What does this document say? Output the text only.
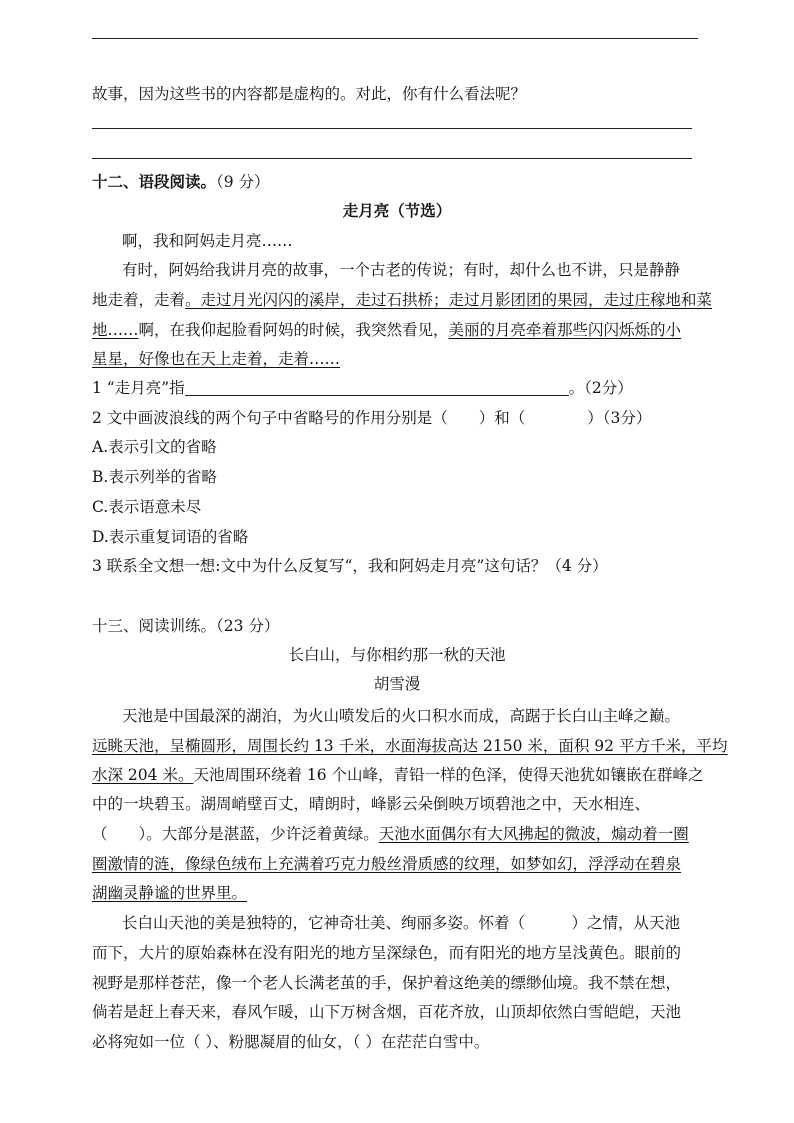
故事，因为这些书的内容都是虚构的。对此，你有什么看法呢？
十二、语段阅读。（9 分）
走月亮（节选）
啊，我和阿妈走月亮……
有时，阿妈给我讲月亮的故事，一个古老的传说；有时，却什么也不讲，只是静静
地走着，走着。走过月光闪闪的溪岸，走过石拱桥；走过月影团团的果园，走过庄稼地和菜
地……啊，在我仰起脸看阿妈的时候，我突然看见，美丽的月亮牵着那些闪闪烁烁的小
星星，好像也在天上走着，走着……
1 “走月亮”指	。（2分）
2 文中画波浪线的两个句子中省略号的作用分别是（　　）和（　　　　）（3分）
A.表示引文的省略
B.表示列举的省略
C.表示语意未尽
D.表示重复词语的省略
3 联系全文想一想:文中为什么反复写“，我和阿妈走月亮”这句话？（4 分）
十三、阅读训练。（23 分）
长白山，与你相约那一秋的天池
胡雪漫
天池是中国最深的湖泊，为火山喷发后的火口积水而成，高踞于长白山主峰之巅。
远眺天池，呈椭圆形，周围长约 13 千米，水面海拔高达 2150 米，面积 92 平方千米，平均
水深 204 米。天池周围环绕着 16 个山峰，青铅一样的色泽，使得天池犹如镶嵌在群峰之
中的一块碧玉。湖周峭壁百丈，晴朗时，峰影云朵倒映万顷碧池之中，天水相连、
（　　）。大部分是湛蓝，少许泛着黄绿。天池水面偶尔有大风拂起的微波，煽动着一圈
圈激情的涟，像绿色绒布上充满着巧克力般丝滑质感的纹理，如梦如幻，浮浮动在碧泉
湖幽灵静谧的世界里。
长白山天池的美是独特的，它神奇壮美、绚丽多姿。怀着（　　　）之情，从天池
而下，大片的原始森林在没有阳光的地方呈深绿色，而有阳光的地方呈浅黄色。眼前的
视野是那样苍茫，像一个老人长满老茧的手，保护着这绝美的缥缈仙境。我不禁在想，
倘若是赶上春天来，春风乍暖，山下万树含烟，百花齐放，山顶却依然白雪皑皑，天池
必将宛如一位（ ）、粉腮凝眉的仙女，（ ）在茫茫白雪中。
